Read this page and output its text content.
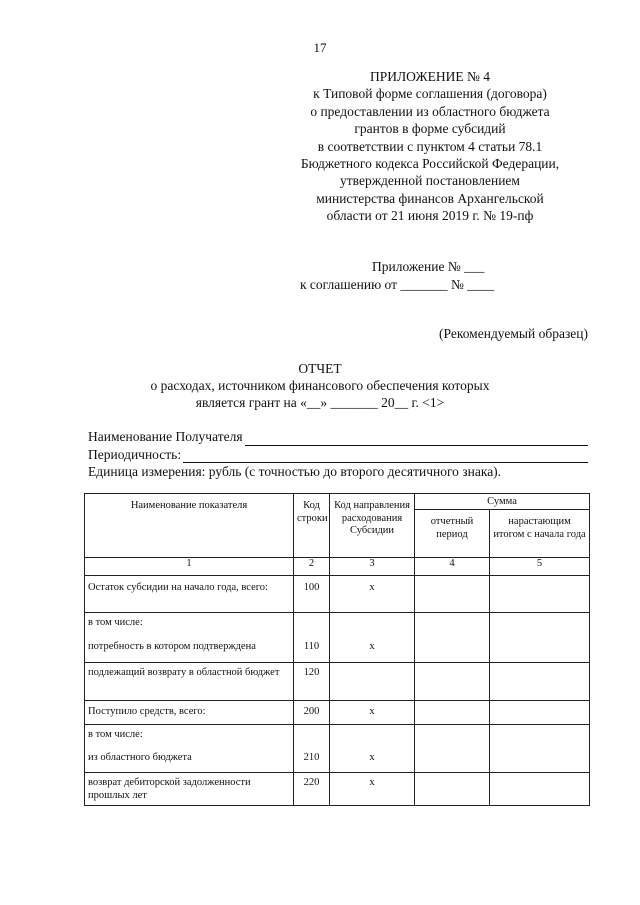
17
ПРИЛОЖЕНИЕ № 4
к Типовой форме соглашения (договора)
о предоставлении из областного бюджета
грантов в форме субсидий
в соответствии с пунктом 4 статьи 78.1
Бюджетного кодекса Российской Федерации,
утвержденной постановлением
министерства финансов Архангельской
области от 21 июня 2019 г. № 19-пф
Приложение № ___
к соглашению от _______ № ____
(Рекомендуемый образец)
ОТЧЕТ
о расходах, источником финансового обеспечения которых
является грант на «__» _______ 20__ г. <1>
Наименование Получателя
Периодичность:
Единица измерения: рубль (с точностью до второго десятичного знака).
Наименование показателя	Код строки	Код направления расходования Субсидии	Сумма	
			отчетный период	нарастающим итогом с начала года
1	2	3	4	5
Остаток субсидии на начало года, всего:	100	х		
в том числе:				
потребность в котором подтверждена	110	х		
подлежащий возврату в областной бюджет	120			
Поступило средств, всего:	200	х		
в том числе:				
из областного бюджета	210	х		
возврат дебиторской задолженности прошлых лет	220	х		
